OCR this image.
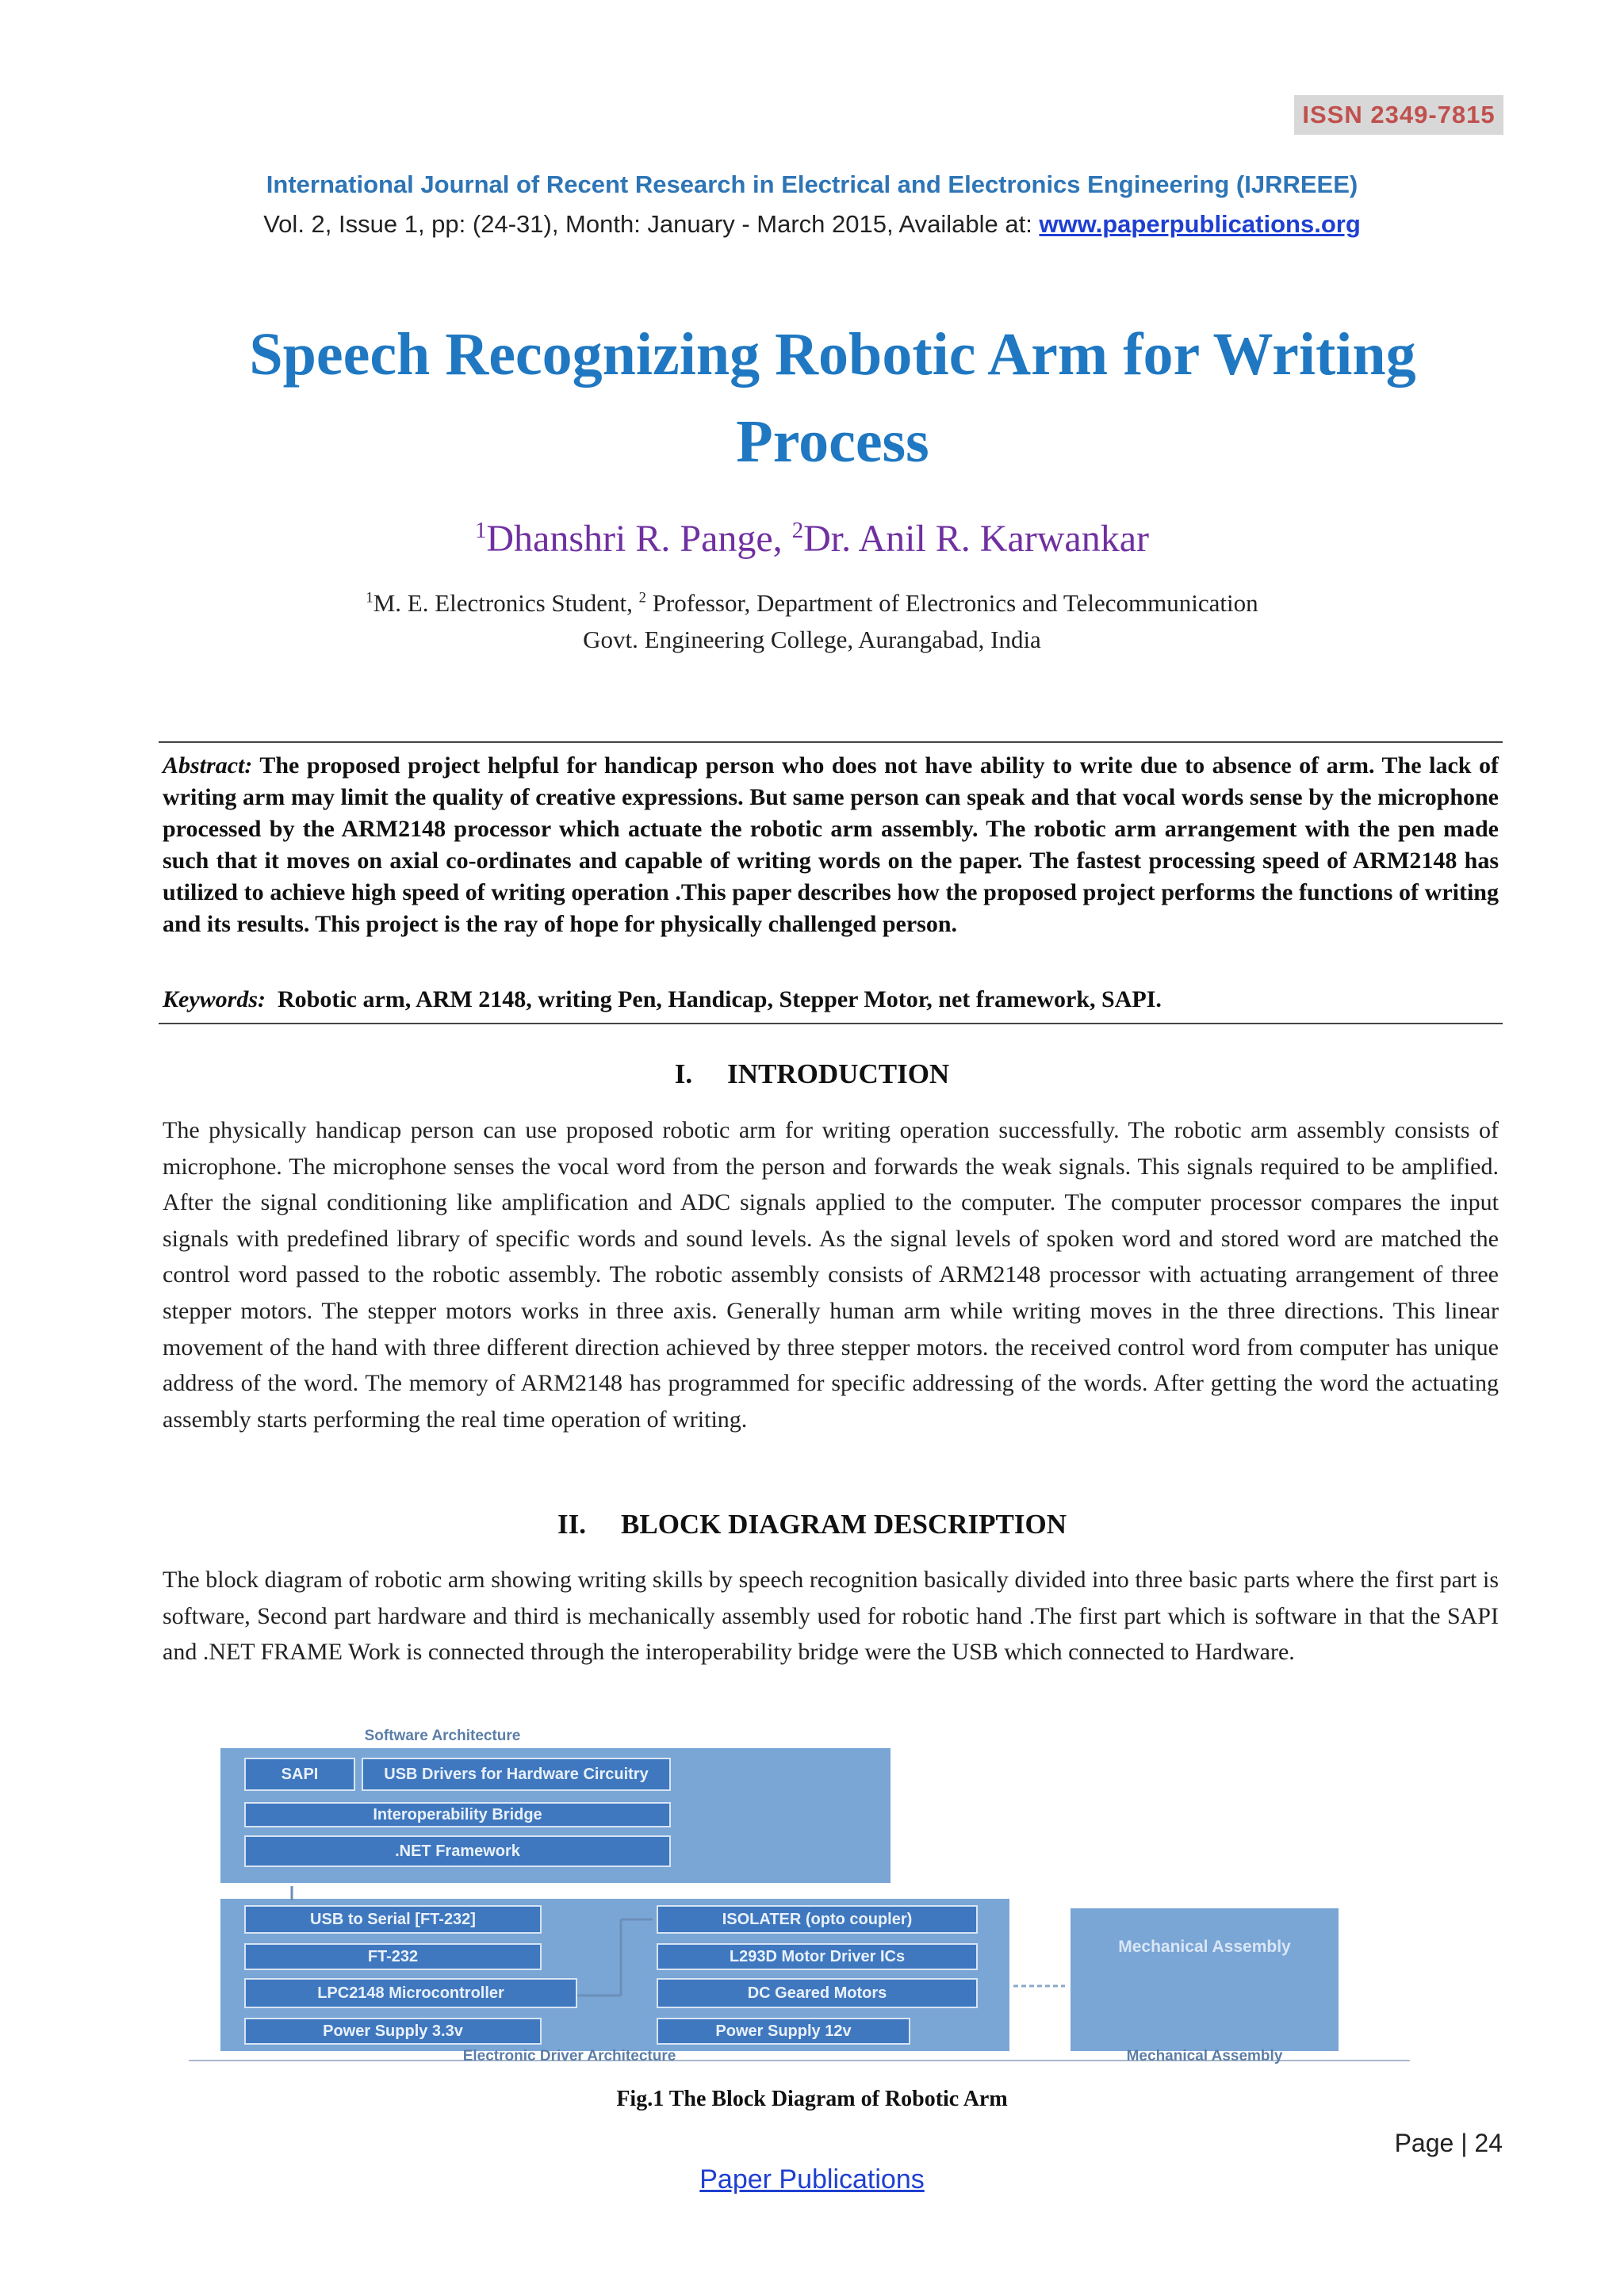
ISSN 2349-7815
International Journal of Recent Research in Electrical and Electronics Engineering (IJRREEE)
Vol. 2, Issue 1, pp: (24-31), Month: January - March 2015, Available at: www.paperpublications.org
Speech Recognizing Robotic Arm for Writing
Process
$^1$Dhanshri R. Pange, $^2$Dr. Anil R. Karwankar
$^1$M. E. Electronics Student, $^2$ Professor, Department of Electronics and Telecommunication
Govt. Engineering College, Aurangabad, India
Abstract: The proposed project helpful for handicap person who does not have ability to write due to absence of arm. The lack of writing arm may limit the quality of creative expressions. But same person can speak and that vocal words sense by the microphone processed by the ARM2148 processor which actuate the robotic arm assembly. The robotic arm arrangement with the pen made such that it moves on axial co-ordinates and capable of writing words on the paper. The fastest processing speed of ARM2148 has utilized to achieve high speed of writing operation .This paper describes how the proposed project performs the functions of writing and its results. This project is the ray of hope for physically challenged person.
Keywords: Robotic arm, ARM 2148, writing Pen, Handicap, Stepper Motor, net framework, SAPI.
I. INTRODUCTION
The physically handicap person can use proposed robotic arm for writing operation successfully. The robotic arm assembly consists of microphone. The microphone senses the vocal word from the person and forwards the weak signals. This signals required to be amplified. After the signal conditioning like amplification and ADC signals applied to the computer. The computer processor compares the input signals with predefined library of specific words and sound levels. As the signal levels of spoken word and stored word are matched the control word passed to the robotic assembly. The robotic assembly consists of ARM2148 processor with actuating arrangement of three stepper motors. The stepper motors works in three axis. Generally human arm while writing moves in the three directions. This linear movement of the hand with three different direction achieved by three stepper motors. the received control word from computer has unique address of the word. The memory of ARM2148 has programmed for specific addressing of the words. After getting the word the actuating assembly starts performing the real time operation of writing.
II. BLOCK DIAGRAM DESCRIPTION
The block diagram of robotic arm showing writing skills by speech recognition basically divided into three basic parts where the first part is software, Second part hardware and third is mechanically assembly used for robotic hand .The first part which is software in that the SAPI and .NET FRAME Work is connected through the interoperability bridge were the USB which connected to Hardware.
Software Architecture
SAPI	USB Drivers for Hardware Circuitry
Interoperability Bridge
.NET Framework
USB to Serial [FT-232]
FT-232
LPC2148 Microcontroller
Power Supply 3.3v
ISOLATER (opto coupler)
L293D Motor Driver ICs
DC Geared Motors
Power Supply 12v
Mechanical Assembly
Electronic Driver Architecture	Mechanical Assembly
Fig.1 The Block Diagram of Robotic Arm
Page | 24
Paper Publications
